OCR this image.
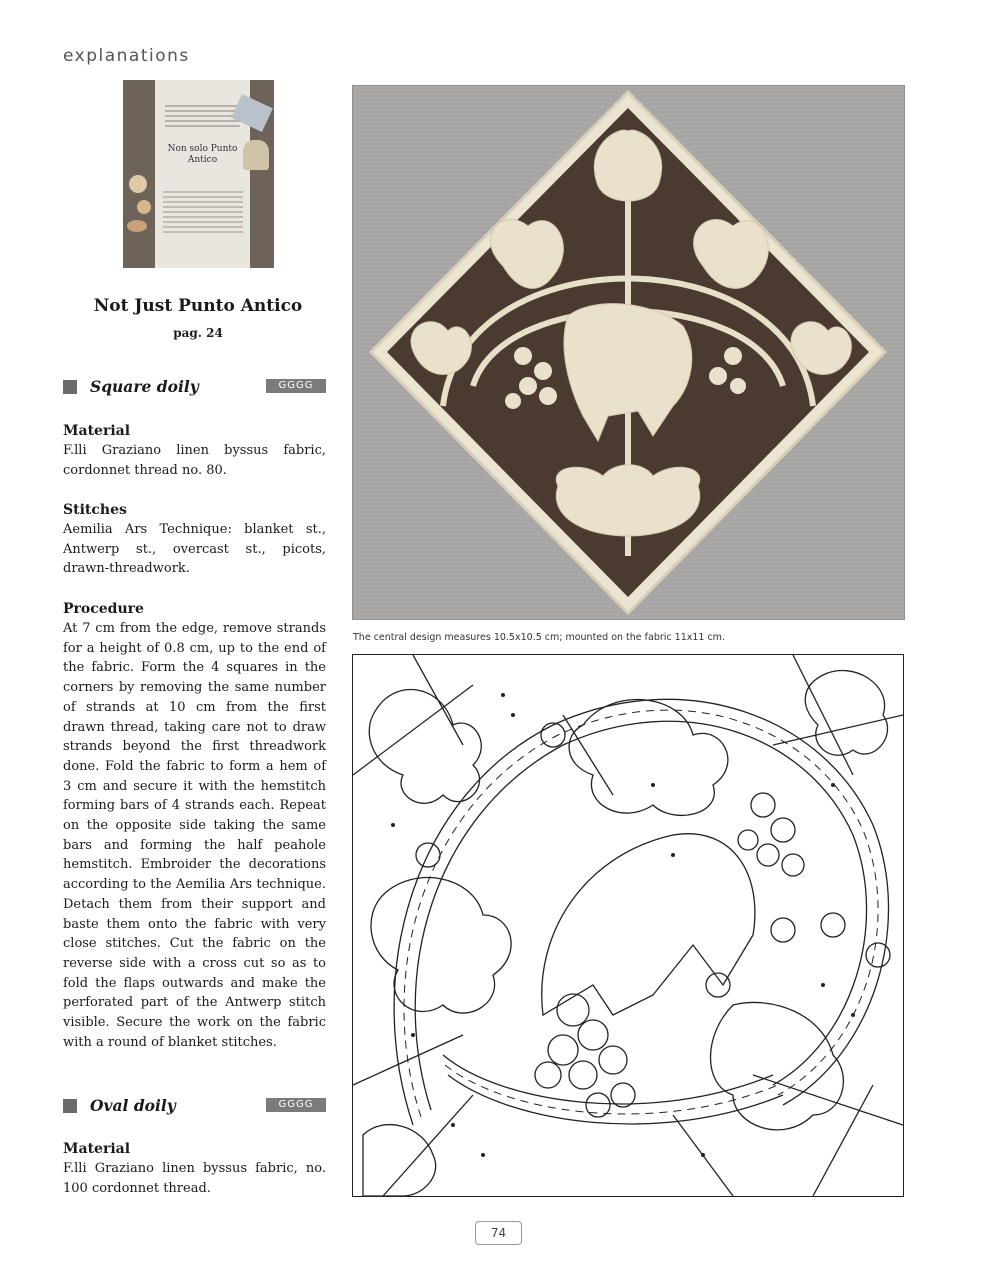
explanations
Non solo Punto Antico
Not Just Punto Antico
pag. 24
Square doily	GGGG
Material

F.lli Graziano linen byssus fabric, cordonnet thread no. 80.

Stitches

Aemilia Ars Technique: blanket st., Antwerp st., overcast st., picots, drawn-threadwork.

Procedure

At 7 cm from the edge, remove strands for a height of 0.8 cm, up to the end of the fabric. Form the 4 squares in the corners by removing the same number of strands at 10 cm from the first drawn thread, taking care not to draw strands beyond the first threadwork done. Fold the fabric to form a hem of 3 cm and secure it with the hemstitch forming bars of 4 strands each. Repeat on the opposite side taking the same bars and forming the half peahole hemstitch. Embroider the decorations according to the Aemilia Ars technique. Detach them from their support and baste them onto the fabric with very close stitches. Cut the fabric on the reverse side with a cross cut so as to fold the flaps outwards and make the perforated part of the Antwerp stitch visible. Secure the work on the fabric with a round of blanket stitches.

Oval doily	GGGG
Material

F.lli Graziano linen byssus fabric, no. 100 cordonnet thread.

The central design measures 10.5x10.5 cm; mounted on the fabric 11x11 cm.
74
